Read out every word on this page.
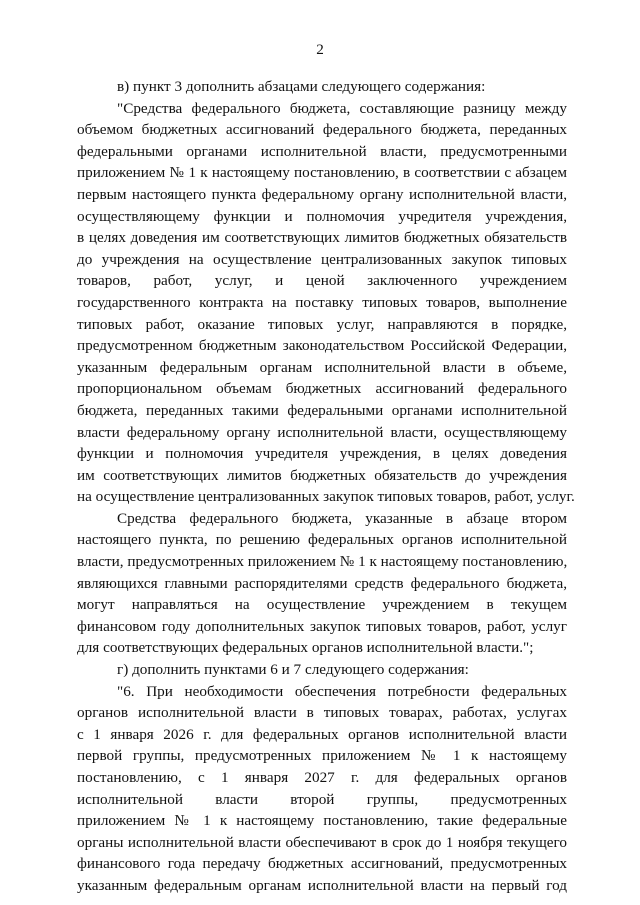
2
в) пункт 3 дополнить абзацами следующего содержания:
"Средства федерального бюджета, составляющие разницу между
объемом бюджетных ассигнований федерального бюджета, переданных
федеральными органами исполнительной власти, предусмотренными
приложением № 1 к настоящему постановлению, в соответствии с абзацем
первым настоящего пункта федеральному органу исполнительной власти,
осуществляющему функции и полномочия учредителя учреждения,
в целях доведения им соответствующих лимитов бюджетных обязательств
до учреждения на осуществление централизованных закупок типовых
товаров, работ, услуг, и ценой заключенного учреждением
государственного контракта на поставку типовых товаров, выполнение
типовых работ, оказание типовых услуг, направляются в порядке,
предусмотренном бюджетным законодательством Российской Федерации,
указанным федеральным органам исполнительной власти в объеме,
пропорциональном объемам бюджетных ассигнований федерального
бюджета, переданных такими федеральными органами исполнительной
власти федеральному органу исполнительной власти, осуществляющему
функции и полномочия учредителя учреждения, в целях доведения
им соответствующих лимитов бюджетных обязательств до учреждения
на осуществление централизованных закупок типовых товаров, работ, услуг.
Средства федерального бюджета, указанные в абзаце втором
настоящего пункта, по решению федеральных органов исполнительной
власти, предусмотренных приложением № 1 к настоящему постановлению,
являющихся главными распорядителями средств федерального бюджета,
могут направляться на осуществление учреждением в текущем
финансовом году дополнительных закупок типовых товаров, работ, услуг
для соответствующих федеральных органов исполнительной власти.";
г) дополнить пунктами 6 и 7 следующего содержания:
"6. При необходимости обеспечения потребности федеральных
органов исполнительной власти в типовых товарах, работах, услугах
с 1 января 2026 г. для федеральных органов исполнительной власти
первой группы, предусмотренных приложением № 1 к настоящему
постановлению, с 1 января 2027 г. для федеральных органов
исполнительной власти второй группы, предусмотренных
приложением № 1 к настоящему постановлению, такие федеральные
органы исполнительной власти обеспечивают в срок до 1 ноября текущего
финансового года передачу бюджетных ассигнований, предусмотренных
указанным федеральным органам исполнительной власти на первый год
